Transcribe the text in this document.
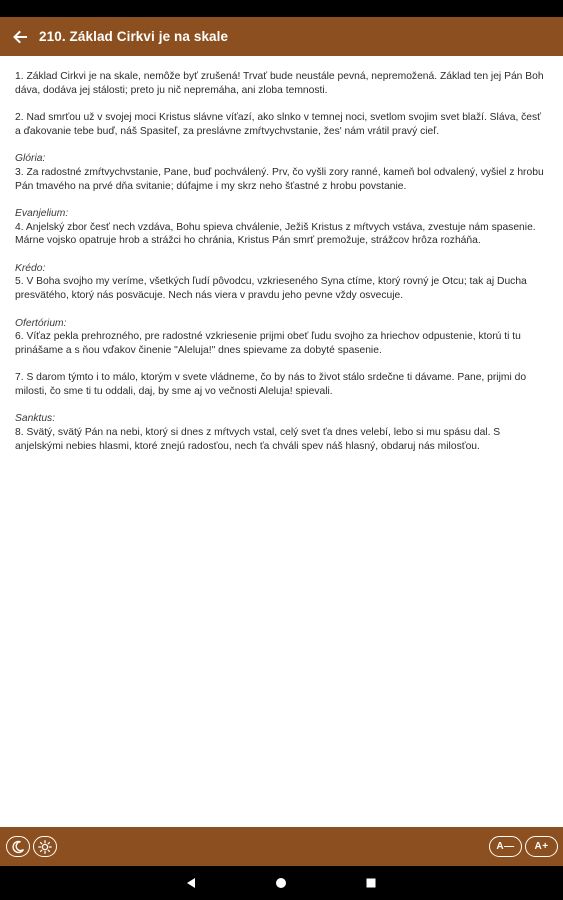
210. Základ Cirkvi je na skale
1. Základ Cirkvi je na skale, nemôže byť zrušená! Trvať bude neustále pevná, nepremožená. Základ ten jej Pán Boh dáva, dodáva jej stálosti; preto ju nič nepremáha, ani zloba temnosti.
2. Nad smrťou už v svojej moci Kristus slávne víťazí, ako slnko v temnej noci, svetlom svojim svet blaží. Sláva, česť a ďakovanie tebe buď, náš Spasiteľ, za preslávne zmŕtvychvstanie, žes' nám vrátil pravý cieľ.
Glória:
3. Za radostné zmŕtvychvstanie, Pane, buď pochválený. Prv, čo vyšli zory ranné, kameň bol odvalený, vyšiel z hrobu Pán tmavého na prvé dňa svitanie; dúfajme i my skrz neho šťastné z hrobu povstanie.
Evanjelium:
4. Anjelský zbor česť nech vzdáva, Bohu spieva chválenie, Ježiš Kristus z mŕtvych vstáva, zvestuje nám spasenie. Márne vojsko opatruje hrob a strážci ho chránia, Kristus Pán smrť premožuje, strážcov hrôza rozháňa.
Krédo:
5. V Boha svojho my veríme, všetkých ľudí pôvodcu, vzkrieseného Syna ctíme, ktorý rovný je Otcu; tak aj Ducha presvätého, ktorý nás posväcuje. Nech nás viera v pravdu jeho pevne vždy osvecuje.
Ofertórium:
6. Víťaz pekla prehrozného, pre radostné vzkriesenie prijmi obeť ľudu svojho za hriechov odpustenie, ktorú ti tu prinášame a s ňou vďakov činenie "Aleluja!" dnes spievame za dobyté spasenie.
7. S darom týmto i to málo, ktorým v svete vládneme, čo by nás to život stálo srdečne ti dávame. Pane, prijmi do milosti, čo sme ti tu oddali, daj, by sme aj vo večnosti Aleluja! spievali.
Sanktus:
8. Svätý, svätý Pán na nebi, ktorý si dnes z mŕtvych vstal, celý svet ťa dnes velebí, lebo si mu spásu dal. S anjelskými nebies hlasmi, ktoré znejú radosťou, nech ťa chváli spev náš hlasný, obdaruj nás milosťou.
A— A+
